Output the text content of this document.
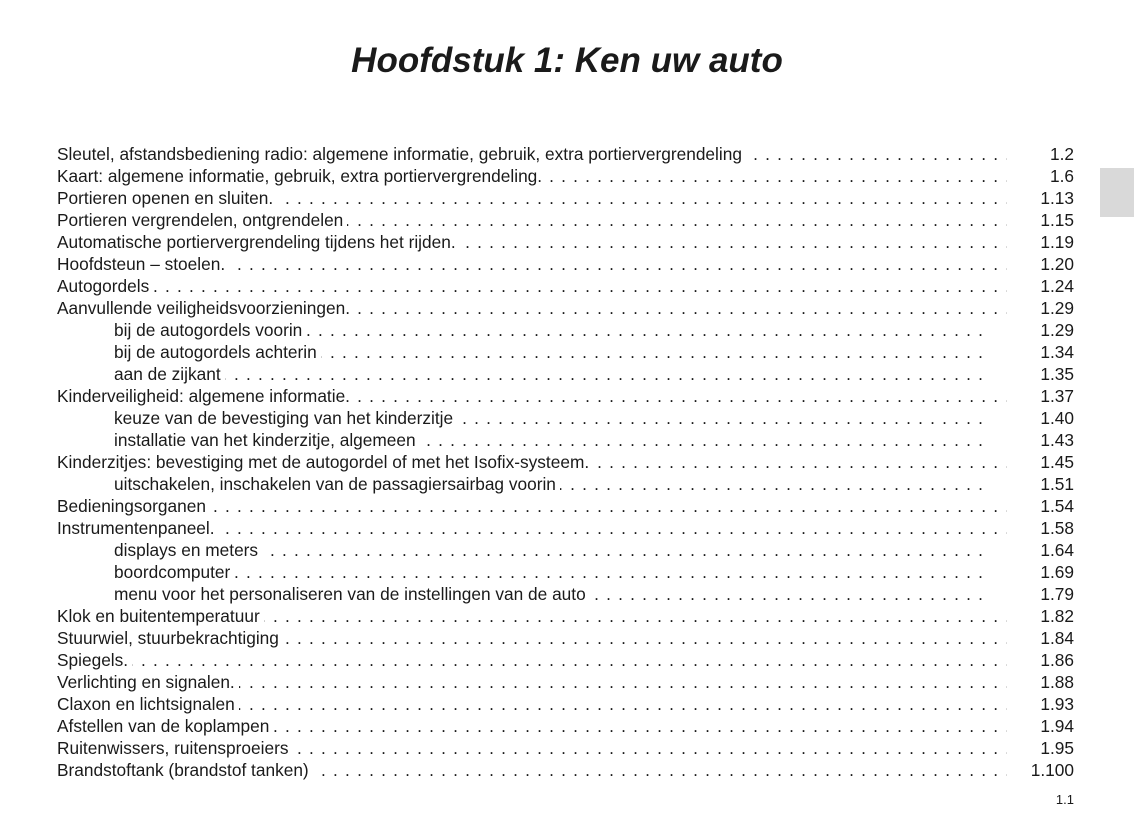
Hoofdstuk 1: Ken uw auto
Sleutel, afstandsbediening radio: algemene informatie, gebruik, extra portiervergrendeling . . .	1.2
Kaart: algemene informatie, gebruik, extra portiervergrendeling. . . .	1.6
Portieren openen en sluiten. . . .	1.13
Portieren vergrendelen, ontgrendelen . . .	1.15
Automatische portiervergrendeling tijdens het rijden. . . .	1.19
Hoofdsteun – stoelen. . . .	1.20
Autogordels . . .	1.24
Aanvullende veiligheidsvoorzieningen. . . .	1.29
bij de autogordels voorin . . .	1.29
bij de autogordels achterin . . .	1.34
aan de zijkant . . .	1.35
Kinderveiligheid: algemene informatie. . . .	1.37
keuze van de bevestiging van het kinderzitje . . .	1.40
installatie van het kinderzitje, algemeen . . .	1.43
Kinderzitjes: bevestiging met de autogordel of met het Isofix-systeem. . . .	1.45
uitschakelen, inschakelen van de passagiersairbag voorin . . .	1.51
Bedieningsorganen . . .	1.54
Instrumentenpaneel. . . .	1.58
displays en meters . . .	1.64
boordcomputer . . .	1.69
menu voor het personaliseren van de instellingen van de auto . . .	1.79
Klok en buitentemperatuur . . .	1.82
Stuurwiel, stuurbekrachtiging . . .	1.84
Spiegels. . . .	1.86
Verlichting en signalen. . . .	1.88
Claxon en lichtsignalen . . .	1.93
Afstellen van de koplampen . . .	1.94
Ruitenwissers, ruitensproeiers . . .	1.95
Brandstoftank (brandstof tanken) . . .	1.100
1.1
